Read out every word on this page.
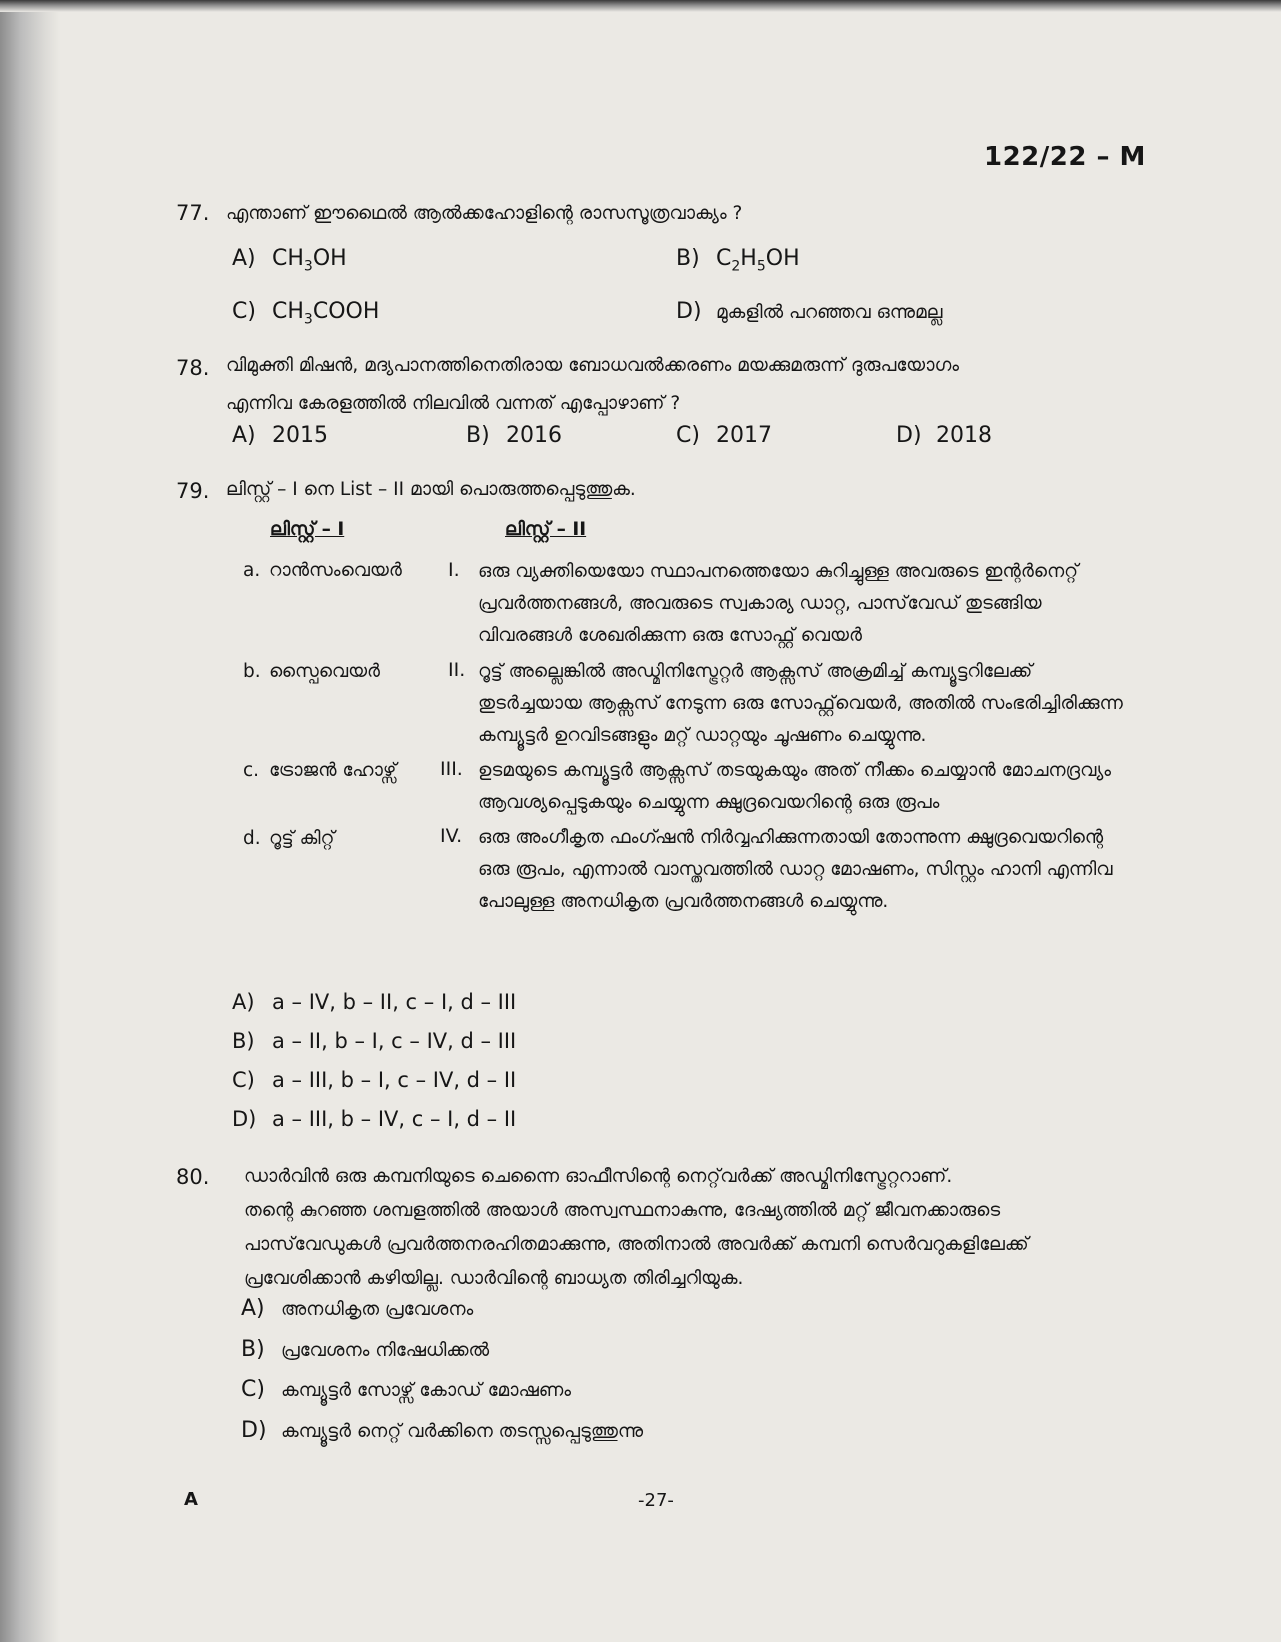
122/22 – M
77. എന്താണ് ഈഥൈൽ ആൽക്കഹോളിന്റെ രാസസൂത്രവാക്യം ?
A) $CH_3OH$	B) $C_2H_5OH$
C) $CH_3COOH$	D) മുകളിൽ പറഞ്ഞവ ഒന്നുമല്ല
78. വിമുക്തി മിഷൻ, മദ്യപാനത്തിനെതിരായ ബോധവൽക്കരണം മയക്കുമരുന്ന് ദുരുപയോഗം
എന്നിവ കേരളത്തിൽ നിലവിൽ വന്നത് എപ്പോഴാണ് ?
A) 2015	B) 2016	C) 2017	D) 2018
79. ലിസ്റ്റ് – I നെ List – II മായി പൊരുത്തപ്പെടുത്തുക.
ലിസ്റ്റ് – I	ലിസ്റ്റ് – II
a. റാൻസംവെയർ I. ഒരു വ്യക്തിയെയോ സ്ഥാപനത്തെയോ കുറിച്ചുള്ള അവരുടെ ഇന്റർനെറ്റ് പ്രവർത്തനങ്ങൾ, അവരുടെ സ്വകാര്യ ഡാറ്റ, പാസ്‌വേഡ് തുടങ്ങിയ വിവരങ്ങൾ ശേഖരിക്കുന്ന ഒരു സോഫ്റ്റ് വെയർ
b. സ്പൈവെയർ	II. റൂട്ട് അല്ലെങ്കിൽ അഡ്മിനിസ്ട്രേറ്റർ ആക്സസ് അക്രമിച്ച് കമ്പ്യൂട്ടറിലേക്ക് തുടർച്ചയായ ആക്സസ് നേടുന്ന ഒരു സോഫ്റ്റ്‌വെയർ, അതിൽ സംഭരിച്ചിരിക്കുന്ന കമ്പ്യൂട്ടർ ഉറവിടങ്ങളും മറ്റ് ഡാറ്റയും ചൂഷണം ചെയ്യുന്നു.
c. ട്രോജൻ ഹോഴ്സ് III. ഉടമയുടെ കമ്പ്യൂട്ടർ ആക്സസ് തടയുകയും അത് നീക്കം ചെയ്യാൻ മോചനദ്രവ്യം ആവശ്യപ്പെടുകയും ചെയ്യുന്ന ക്ഷുദ്രവെയറിന്റെ ഒരു രൂപം
d. റൂട്ട് കിറ്റ്	IV. ഒരു അംഗീകൃത ഫംഗ്ഷൻ നിർവ്വഹിക്കുന്നതായി തോന്നുന്ന ക്ഷുദ്രവെയറിന്റെ ഒരു രൂപം, എന്നാൽ വാസ്തവത്തിൽ ഡാറ്റ മോഷണം, സിസ്റ്റം ഹാനി എന്നിവ പോലുള്ള അനധികൃത പ്രവർത്തനങ്ങൾ ചെയ്യുന്നു.
A) a – IV, b – II, c – I, d – III
B) a – II, b – I, c – IV, d – III
C) a – III, b – I, c – IV, d – II
D) a – III, b – IV, c – I, d – II
80. ഡാർവിൻ ഒരു കമ്പനിയുടെ ചെന്നൈ ഓഫീസിന്റെ നെറ്റ്‌വർക്ക് അഡ്മിനിസ്ട്രേറ്ററാണ്.
തന്റെ കുറഞ്ഞ ശമ്പളത്തിൽ അയാൾ അസ്വസ്ഥനാകുന്നു, ദേഷ്യത്തിൽ മറ്റ് ജീവനക്കാരുടെ
പാസ്‌വേഡുകൾ പ്രവർത്തനരഹിതമാക്കുന്നു, അതിനാൽ അവർക്ക് കമ്പനി സെർവറുകളിലേക്ക്
പ്രവേശിക്കാൻ കഴിയില്ല. ഡാർവിന്റെ ബാധ്യത തിരിച്ചറിയുക.
A) അനധികൃത പ്രവേശനം
B) പ്രവേശനം നിഷേധിക്കൽ
C) കമ്പ്യൂട്ടർ സോഴ്സ് കോഡ് മോഷണം
D) കമ്പ്യൂട്ടർ നെറ്റ് വർക്കിനെ തടസ്സപ്പെടുത്തുന്നു
A	-27-
